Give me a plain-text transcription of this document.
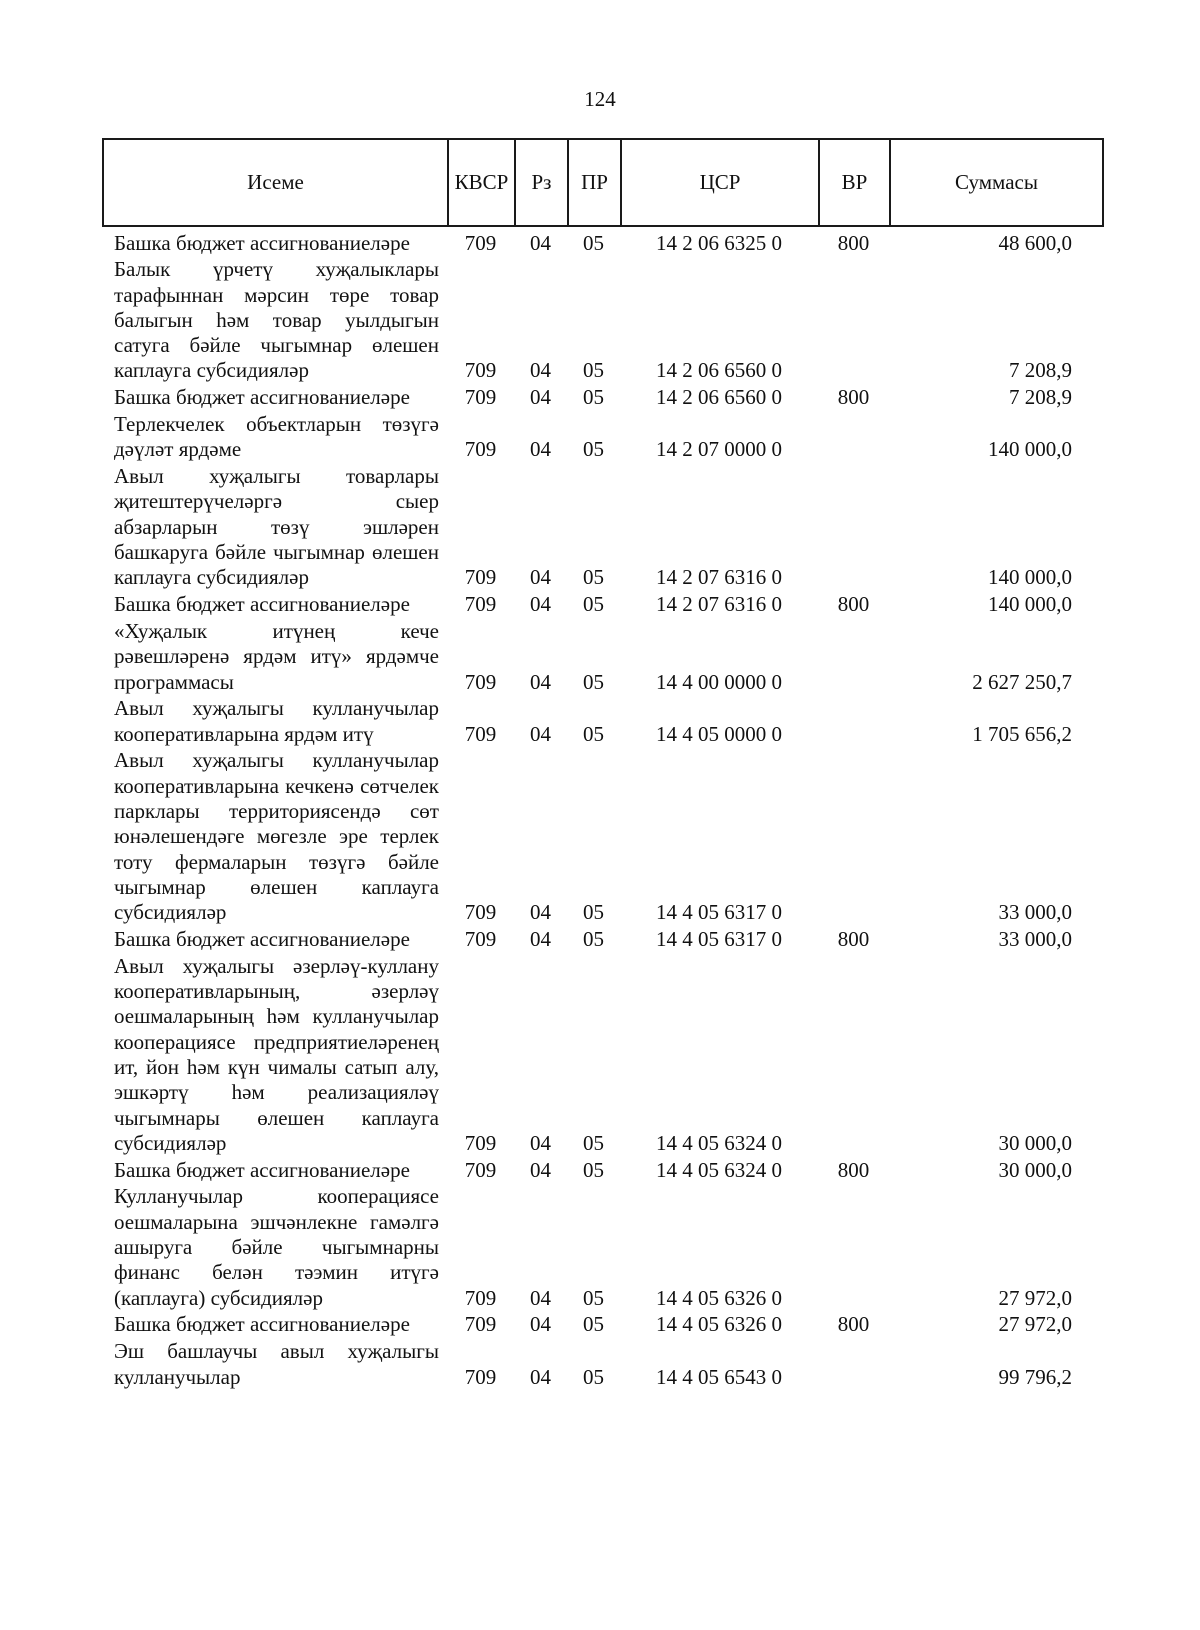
124
Исеме	КВСР	Рз	ПР	ЦСР	ВР	Суммасы
Башка бюджет ассигнованиеләре	709	04	05	14 2 06 6325 0	800	48 600,0
Балык үрчетү хуҗалыклары тарафыннан мәрсин төре товар балыгын һәм товар уылдыгын сатуга бәйле чыгымнар өлешен каплауга субсидияләр	709	04	05	14 2 06 6560 0		7 208,9
Башка бюджет ассигнованиеләре	709	04	05	14 2 06 6560 0	800	7 208,9
Терлекчелек объектларын төзүгә дәүләт ярдәме	709	04	05	14 2 07 0000 0		140 000,0
Авыл хуҗалыгы товарлары җитештерүчеләргә сыер абзарларын төзү эшләрен башкаруга бәйле чыгымнар өлешен каплауга субсидияләр	709	04	05	14 2 07 6316 0		140 000,0
Башка бюджет ассигнованиеләре	709	04	05	14 2 07 6316 0	800	140 000,0
«Хуҗалык итүнең кече рәвешләренә ярдәм итү» ярдәмче программасы	709	04	05	14 4 00 0000 0		2 627 250,7
Авыл хуҗалыгы кулланучылар кооперативларына ярдәм итү	709	04	05	14 4 05 0000 0		1 705 656,2
Авыл хуҗалыгы кулланучылар кооперативларына кечкенә сөтчелек парклары территориясендә сөт юнәлешендәге мөгезле эре терлек тоту фермаларын төзүгә бәйле чыгымнар өлешен каплауга субсидияләр	709	04	05	14 4 05 6317 0		33 000,0
Башка бюджет ассигнованиеләре	709	04	05	14 4 05 6317 0	800	33 000,0
Авыл хуҗалыгы әзерләү-куллану кооперативларының, әзерләү оешмаларының һәм кулланучылар кооперациясе предприятиеләренең ит, йон һәм күн чималы сатып алу, эшкәртү һәм реализацияләү чыгымнары өлешен каплауга субсидияләр	709	04	05	14 4 05 6324 0		30 000,0
Башка бюджет ассигнованиеләре	709	04	05	14 4 05 6324 0	800	30 000,0
Кулланучылар кооперациясе оешмаларына эшчәнлекне гамәлгә ашыруга бәйле чыгымнарны финанс белән тәэмин итүгә (каплауга) субсидияләр	709	04	05	14 4 05 6326 0		27 972,0
Башка бюджет ассигнованиеләре	709	04	05	14 4 05 6326 0	800	27 972,0
Эш башлаучы авыл хуҗалыгы кулланучылар	709	04	05	14 4 05 6543 0		99 796,2
